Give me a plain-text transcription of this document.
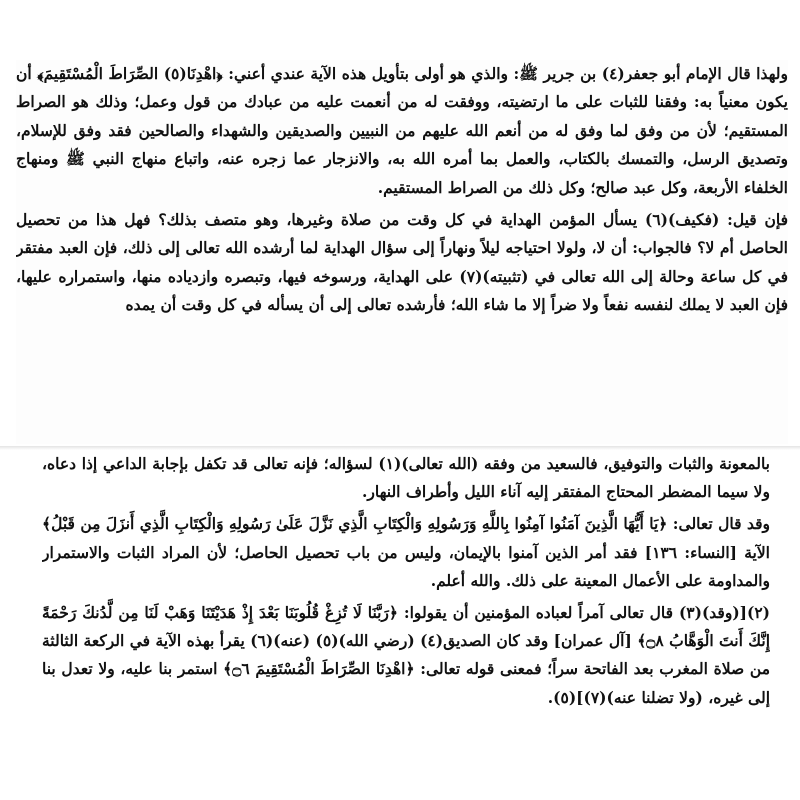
ولهذا قال الإمام أبو جعفر(٤) بن جرير ﷺ: والذي هو أولى بتأويل هذه الآية عندي أعني: ﴿اهْدِنَا(٥) الصِّرَاطَ الْمُسْتَقِيمَ﴾ أن يكون معنياً به: وفقنا للثبات على ما ارتضيته، ووفقت له من أنعمت عليه من عبادك من قول وعمل؛ وذلك هو الصراط المستقيم؛ لأن من وفق لما وفق له من أنعم الله عليهم من النبيين والصديقين والشهداء والصالحين فقد وفق للإسلام، وتصديق الرسل، والتمسك بالكتاب، والعمل بما أمره الله به، والانزجار عما زجره عنه، واتباع منهاج النبي ﷺ ومنهاج الخلفاء الأربعة، وكل عبد صالح؛ وكل ذلك من الصراط المستقيم.

فإن قيل: (فكيف)(٦) يسأل المؤمن الهداية في كل وقت من صلاة وغيرها، وهو متصف بذلك؟ فهل هذا من تحصيل الحاصل أم لا؟ فالجواب: أن لا، ولولا احتياجه ليلاً ونهاراً إلى سؤال الهداية لما أرشده الله تعالى إلى ذلك، فإن العبد مفتقر في كل ساعة وحالة إلى الله تعالى في (تثبيته)(٧) على الهداية، ورسوخه فيها، وتبصره وازدياده منها، واستمراره عليها، فإن العبد لا يملك لنفسه نفعاً ولا ضراً إلا ما شاء الله؛ فأرشده تعالى إلى أن يسأله في كل وقت أن يمده

بالمعونة والثبات والتوفيق، فالسعيد من وفقه (الله تعالى)(١) لسؤاله؛ فإنه تعالى قد تكفل بإجابة الداعي إذا دعاه، ولا سيما المضطر المحتاج المفتقر إليه آناء الليل وأطراف النهار.

وقد قال تعالى: ﴿يَا أَيُّهَا الَّذِينَ آمَنُوا آمِنُوا بِاللَّهِ وَرَسُولِهِ وَالْكِتَابِ الَّذِي نَزَّلَ عَلَىٰ رَسُولِهِ وَالْكِتَابِ الَّذِي أَنزَلَ مِن قَبْلُ﴾ الآية [النساء: ١٣٦] فقد أمر الذين آمنوا بالإيمان، وليس من باب تحصيل الحاصل؛ لأن المراد الثبات والاستمرار والمداومة على الأعمال المعينة على ذلك. والله أعلم.

(٢)[(وقد)(٣) قال تعالى آمراً لعباده المؤمنين أن يقولوا: ﴿رَبَّنَا لَا تُزِغْ قُلُوبَنَا بَعْدَ إِذْ هَدَيْتَنَا وَهَبْ لَنَا مِن لَّدُنكَ رَحْمَةً إِنَّكَ أَنتَ الْوَهَّابُ ۝٨﴾ [آل عمران] وقد كان الصديق(٤) (رضي الله)(٥) (عنه)(٦) يقرأ بهذه الآية في الركعة الثالثة من صلاة المغرب بعد الفاتحة سراً؛ فمعنى قوله تعالى: ﴿اهْدِنَا الصِّرَاطَ الْمُسْتَقِيمَ ۝٦﴾ استمر بنا عليه، ولا تعدل بنا إلى غيره، (ولا تضلنا عنه)(٧)](٥).
